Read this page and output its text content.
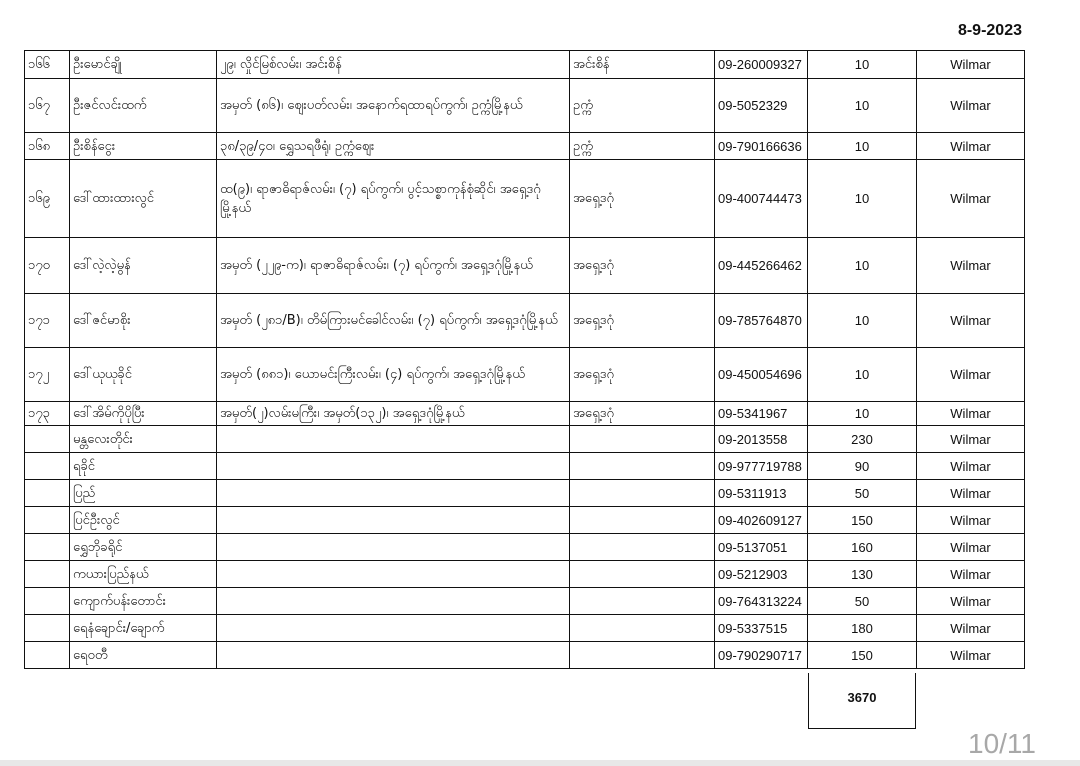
8-9-2023
၁၆၆	ဦးမောင်ချို	၂၉၊ လှိုင်မြစ်လမ်း၊ အင်းစိန်	အင်းစိန်	09-260009327	10	Wilmar
၁၆၇	ဦးဇင်လင်းထက်	အမှတ် (၈၆)၊ ဈေးပတ်လမ်း၊ အနောက်ရထာရပ်ကွက်၊ ဥက္ကံမြို့နယ်	ဥက္ကံ	09-5052329	10	Wilmar
၁၆၈	ဦးစိန်ငွေး	၃၈/၃၉/၄၀၊ ရွှေသရဖီရုံ၊ ဥက္ကံဈေး	ဥက္ကံ	09-790166636	10	Wilmar
၁၆၉	ဒေါ်ထားထားလွင်	ထ(၉)၊ ရာဇာဓိရာဇ်လမ်း၊ (၇) ရပ်ကွက်၊ ပွင့်သစ္စာကုန်စုံဆိုင်၊ အရှေ့ဒဂုံမြို့နယ်	အရှေ့ဒဂုံ	09-400744473	10	Wilmar
၁၇၀	ဒေါ်လဲ့လဲ့မွန်	အမှတ် (၂၂၉-က)၊ ရာဇာဓိရာဇ်လမ်း၊ (၇) ရပ်ကွက်၊ အရှေ့ဒဂုံမြို့နယ်	အရှေ့ဒဂုံ	09-445266462	10	Wilmar
၁၇၁	ဒေါ်ဇင်မာစိုး	အမှတ် (၂၈၁/B)၊ တိမ်ကြားမင်ခေါင်လမ်း၊ (၇) ရပ်ကွက်၊ အရှေ့ဒဂုံမြို့နယ်	အရှေ့ဒဂုံ	09-785764870	10	Wilmar
၁၇၂	ဒေါ်ယုယုခိုင်	အမှတ် (၈၈၁)၊ ယောမင်းကြီးလမ်း၊ (၄) ရပ်ကွက်၊ အရှေ့ဒဂုံမြို့နယ်	အရှေ့ဒဂုံ	09-450054696	10	Wilmar
၁၇၃	ဒေါ်အိမ်ကိုပိုပြီး	အမှတ်(၂)လမ်းမကြီး၊ အမှတ်(၁၃၂)၊ အရှေ့ဒဂုံမြို့နယ်	အရှေ့ဒဂုံ	09-5341967	10	Wilmar
	မန္တလေးတိုင်း			09-2013558	230	Wilmar
	ရခိုင်			09-977719788	90	Wilmar
	ပြည်			09-5311913	50	Wilmar
	ပြင်ဦးလွင်			09-402609127	150	Wilmar
	ရွှေဘိုခရိုင်			09-5137051	160	Wilmar
	ကယားပြည်နယ်			09-5212903	130	Wilmar
	ကျောက်ပန်းတောင်း			09-764313224	50	Wilmar
	ရေနံချောင်း/ချောက်			09-5337515	180	Wilmar
	ရေဝတီ			09-790290717	150	Wilmar
3670
10/11
